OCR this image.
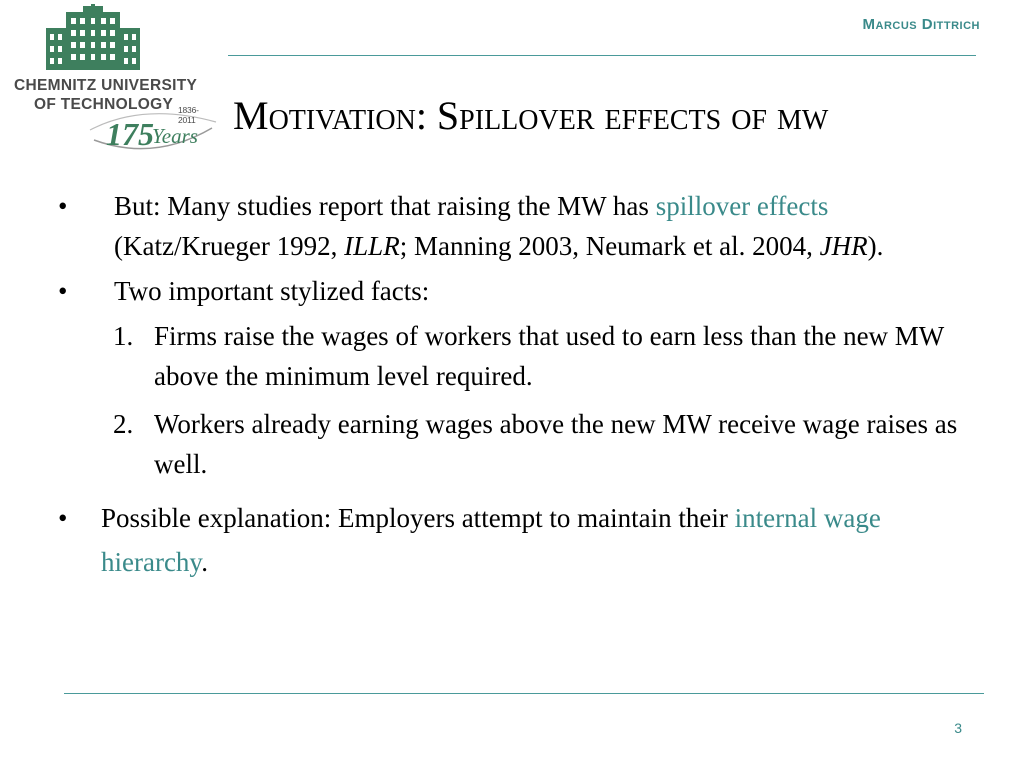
CHEMNITZ UNIVERSITY
OF TECHNOLOGY 1836-2011
175
Years
Marcus Dittrich
Motivation: Spillover effects of mw
• But: Many studies report that raising the MW has spillover effects (Katz/Krueger 1992, ILLR; Manning 2003, Neumark et al. 2004, JHR).
• Two important stylized facts:
1. Firms raise the wages of workers that used to earn less than the new MW above the minimum level required.
2. Workers already earning wages above the new MW receive wage raises as well.
• Possible explanation: Employers attempt to maintain their internal wage hierarchy.
3
